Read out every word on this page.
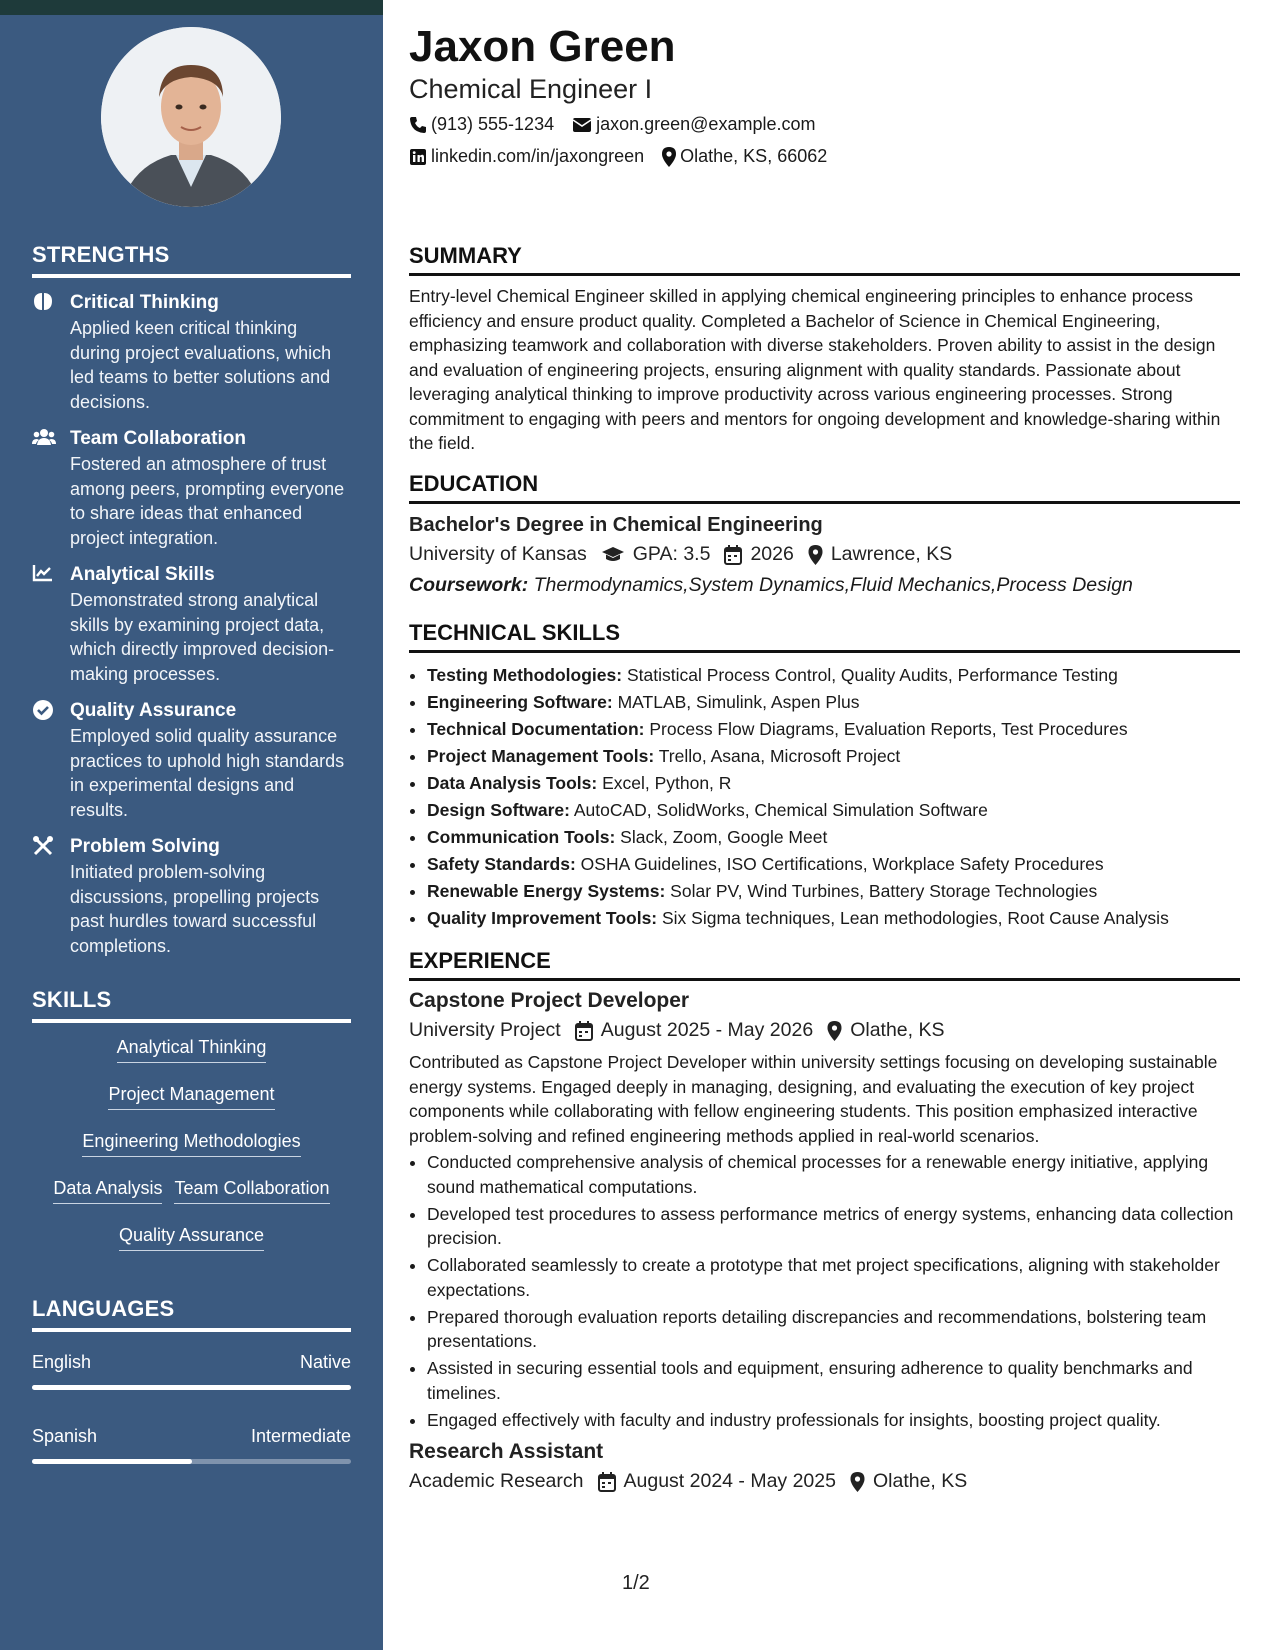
STRENGTHS
Critical Thinking
Applied keen critical thinking during project evaluations, which led teams to better solutions and decisions.
Team Collaboration
Fostered an atmosphere of trust among peers, prompting everyone to share ideas that enhanced project integration.
Analytical Skills
Demonstrated strong analytical skills by examining project data, which directly improved decision-making processes.
Quality Assurance
Employed solid quality assurance practices to uphold high standards in experimental designs and results.
Problem Solving
Initiated problem-solving discussions, propelling projects past hurdles toward successful completions.
SKILLS
Analytical Thinking
Project Management
Engineering Methodologies
Data Analysis Team Collaboration
Quality Assurance
LANGUAGES
English	Native
Spanish	Intermediate
Jaxon Green
Chemical Engineer I
(913) 555-1234 jaxon.green@example.com
linkedin.com/in/jaxongreen Olathe, KS, 66062
SUMMARY

Entry-level Chemical Engineer skilled in applying chemical engineering principles to enhance process efficiency and ensure product quality. Completed a Bachelor of Science in Chemical Engineering, emphasizing teamwork and collaboration with diverse stakeholders. Proven ability to assist in the design and evaluation of engineering projects, ensuring alignment with quality standards. Passionate about leveraging analytical thinking to improve productivity across various engineering processes. Strong commitment to engaging with peers and mentors for ongoing development and knowledge-sharing within the field.

EDUCATION
Bachelor's Degree in Chemical Engineering
University of Kansas GPA: 3.5 2026 Lawrence, KS
Coursework: Thermodynamics,System Dynamics,Fluid Mechanics,Process Design
TECHNICAL SKILLS
• Testing Methodologies: Statistical Process Control, Quality Audits, Performance Testing
• Engineering Software: MATLAB, Simulink, Aspen Plus
• Technical Documentation: Process Flow Diagrams, Evaluation Reports, Test Procedures
• Project Management Tools: Trello, Asana, Microsoft Project
• Data Analysis Tools: Excel, Python, R
• Design Software: AutoCAD, SolidWorks, Chemical Simulation Software
• Communication Tools: Slack, Zoom, Google Meet
• Safety Standards: OSHA Guidelines, ISO Certifications, Workplace Safety Procedures
• Renewable Energy Systems: Solar PV, Wind Turbines, Battery Storage Technologies
• Quality Improvement Tools: Six Sigma techniques, Lean methodologies, Root Cause Analysis
EXPERIENCE
Capstone Project Developer
University Project August 2025 - May 2026 Olathe, KS

Contributed as Capstone Project Developer within university settings focusing on developing sustainable energy systems. Engaged deeply in managing, designing, and evaluating the execution of key project components while collaborating with fellow engineering students. This position emphasized interactive problem-solving and refined engineering methods applied in real-world scenarios.

• Conducted comprehensive analysis of chemical processes for a renewable energy initiative, applying sound mathematical computations.
• Developed test procedures to assess performance metrics of energy systems, enhancing data collection precision.
• Collaborated seamlessly to create a prototype that met project specifications, aligning with stakeholder expectations.
• Prepared thorough evaluation reports detailing discrepancies and recommendations, bolstering team presentations.
• Assisted in securing essential tools and equipment, ensuring adherence to quality benchmarks and timelines.
• Engaged effectively with faculty and industry professionals for insights, boosting project quality.
Research Assistant
Academic Research August 2024 - May 2025 Olathe, KS
1/2
